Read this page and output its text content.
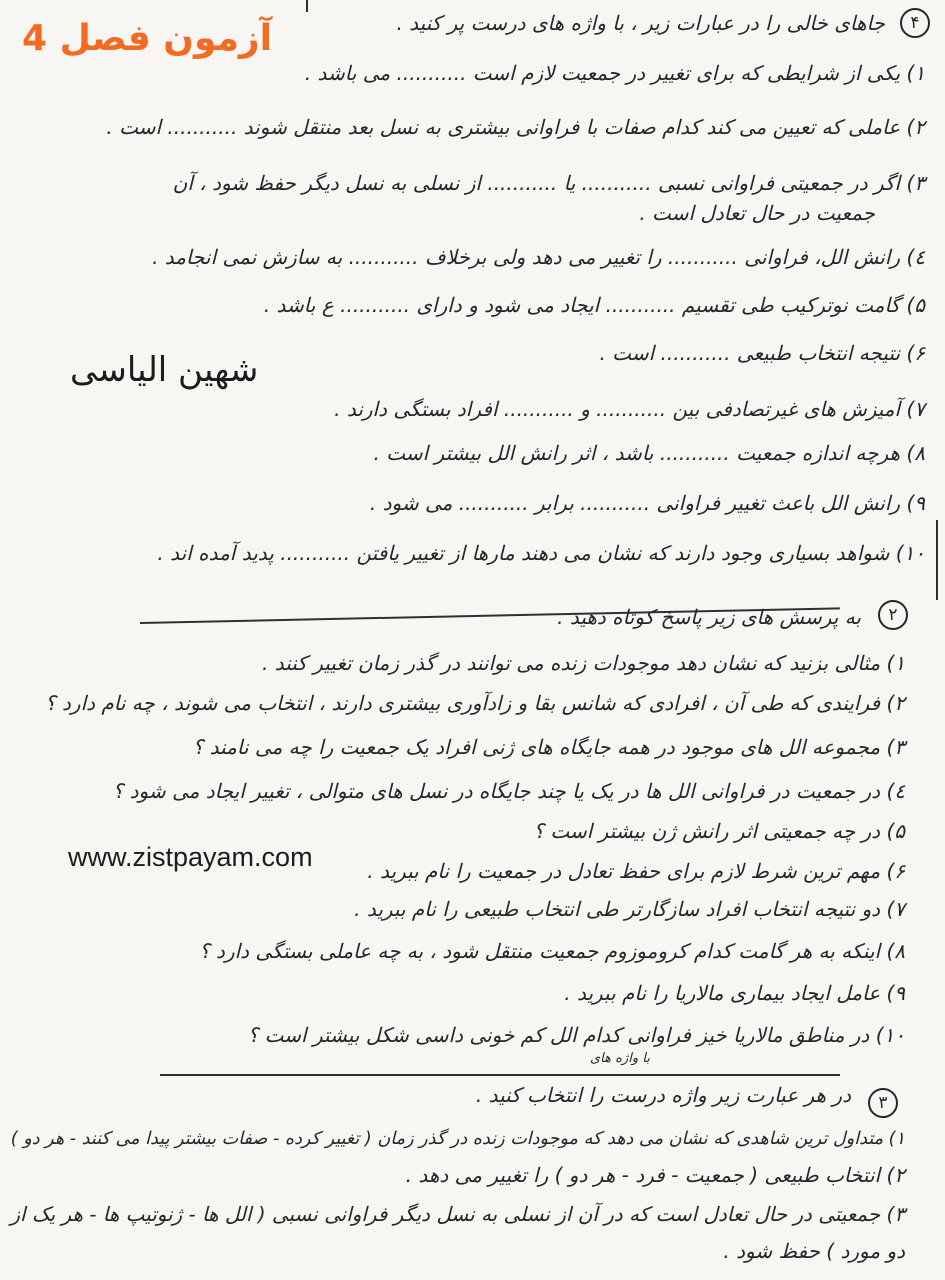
آزمون فصل 4	۴
جاهای خالی را در عبارات زیر ، با واژه های درست پر کنید .
۱) یکی از شرایطی که برای تغییر در جمعیت لازم است ........... می باشد .
۲) عاملی که تعیین می کند کدام صفات با فراوانی بیشتری به نسل بعد منتقل شوند ........... است .
۳) اگر در جمعیتی فراوانی نسبی ........... یا ........... از نسلی به نسل دیگر حفظ شود ، آن
جمعیت در حال تعادل است .
٤) رانش الل، فراوانی ........... را تغییر می دهد ولی برخلاف ........... به سازش نمی انجامد .
۵) گامت نوترکیب طی تقسیم ........... ایجاد می شود و دارای ........... ع باشد .
۶) نتیجه انتخاب طبیعی ........... است .
۷) آمیزش های غیرتصادفی بین ........... و ........... افراد بستگی دارند .
۸) هرچه اندازه جمعیت ........... باشد ، اثر رانش الل بیشتر است .
۹) رانش الل باعث تغییر فراوانی ........... برابر ........... می شود .
۱۰) شواهد بسیاری وجود دارند که نشان می دهند مارها از تغییر یافتن ........... پدید آمده اند .
شهین الیاسی
۲
به پرسش های زیر پاسخ کوتاه دهید .
۱) مثالی بزنید که نشان دهد موجودات زنده می توانند در گذر زمان تغییر کنند .
۲) فرایندی که طی آن ، افرادی که شانس بقا و زادآوری بیشتری دارند ، انتخاب می شوند ، چه نام دارد ؟
۳) مجموعه الل های موجود در همه جایگاه های ژنی افراد یک جمعیت را چه می نامند ؟
٤) در جمعیت در فراوانی الل ها در یک یا چند جایگاه در نسل های متوالی ، تغییر ایجاد می شود ؟
۵) در چه جمعیتی اثر رانش ژن بیشتر است ؟
www.zistpayam.com	۶) مهم ترین شرط لازم برای حفظ تعادل در جمعیت را نام ببرید .
۷) دو نتیجه انتخاب افراد سازگارتر طی انتخاب طبیعی را نام ببرید .
۸) اینکه به هر گامت کدام کروموزوم جمعیت منتقل شود ، به چه عاملی بستگی دارد ؟
۹) عامل ایجاد بیماری مالاریا را نام ببرید .
۱۰) در مناطق مالاریا خیز فراوانی کدام الل کم خونی داسی شکل بیشتر است ؟
با واژه های
۳
در هر عبارت زیر واژه درست را انتخاب کنید .
۱) متداول ترین شاهدی که نشان می دهد که موجودات زنده در گذر زمان ( تغییر کرده - صفات بیشتر پیدا می کنند - هر دو )
۲) انتخاب طبیعی ( جمعیت - فرد - هر دو ) را تغییر می دهد .
۳) جمعیتی در حال تعادل است که در آن از نسلی به نسل دیگر فراوانی نسبی ( الل ها - ژنوتیپ ها - هر یک از
دو مورد ) حفظ شود .
